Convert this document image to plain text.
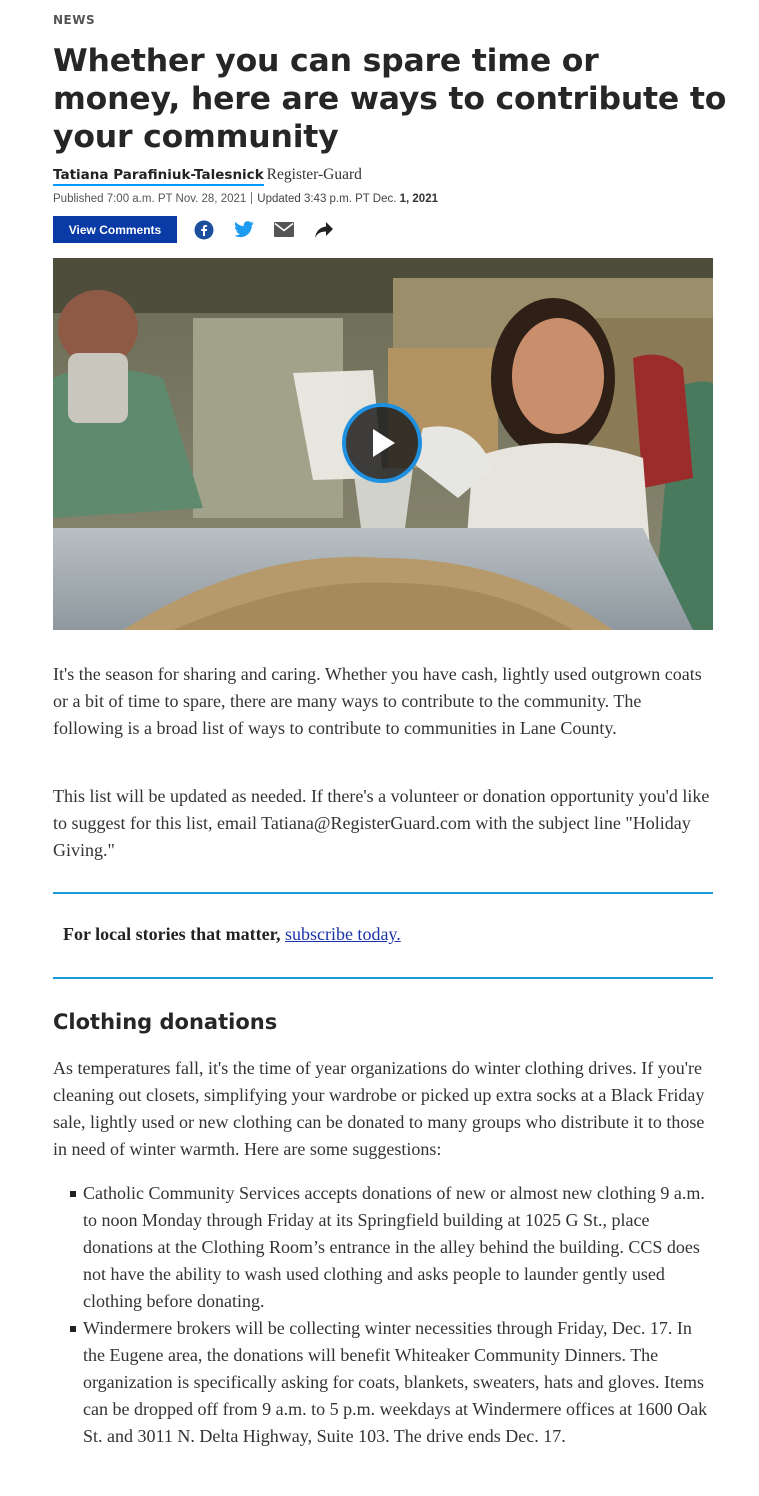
NEWS
Whether you can spare time or money, here are ways to contribute to your community
Tatiana Parafiniuk-Talesnick Register-Guard
Published 7:00 a.m. PT Nov. 28, 2021 Updated 3:43 p.m. PT Dec. 1, 2021
View Comments

It's the season for sharing and caring. Whether you have cash, lightly used outgrown coats or a bit of time to spare, there are many ways to contribute to the community. The following is a broad list of ways to contribute to communities in Lane County.

This list will be updated as needed. If there's a volunteer or donation opportunity you'd like to suggest for this list, email Tatiana@RegisterGuard.com with the subject line "Holiday Giving."

For local stories that matter, subscribe today.
Clothing donations

As temperatures fall, it's the time of year organizations do winter clothing drives. If you're cleaning out closets, simplifying your wardrobe or picked up extra socks at a Black Friday sale, lightly used or new clothing can be donated to many groups who distribute it to those in need of winter warmth. Here are some suggestions:

Catholic Community Services accepts donations of new or almost new clothing 9 a.m. to noon Monday through Friday at its Springfield building at 1025 G St., place donations at the Clothing Room’s entrance in the alley behind the building. CCS does not have the ability to wash used clothing and asks people to launder gently used clothing before donating.
Windermere brokers will be collecting winter necessities through Friday, Dec. 17. In the Eugene area, the donations will benefit Whiteaker Community Dinners. The organization is specifically asking for coats, blankets, sweaters, hats and gloves. Items can be dropped off from 9 a.m. to 5 p.m. weekdays at Windermere offices at 1600 Oak St. and 3011 N. Delta Highway, Suite 103. The drive ends Dec. 17.
